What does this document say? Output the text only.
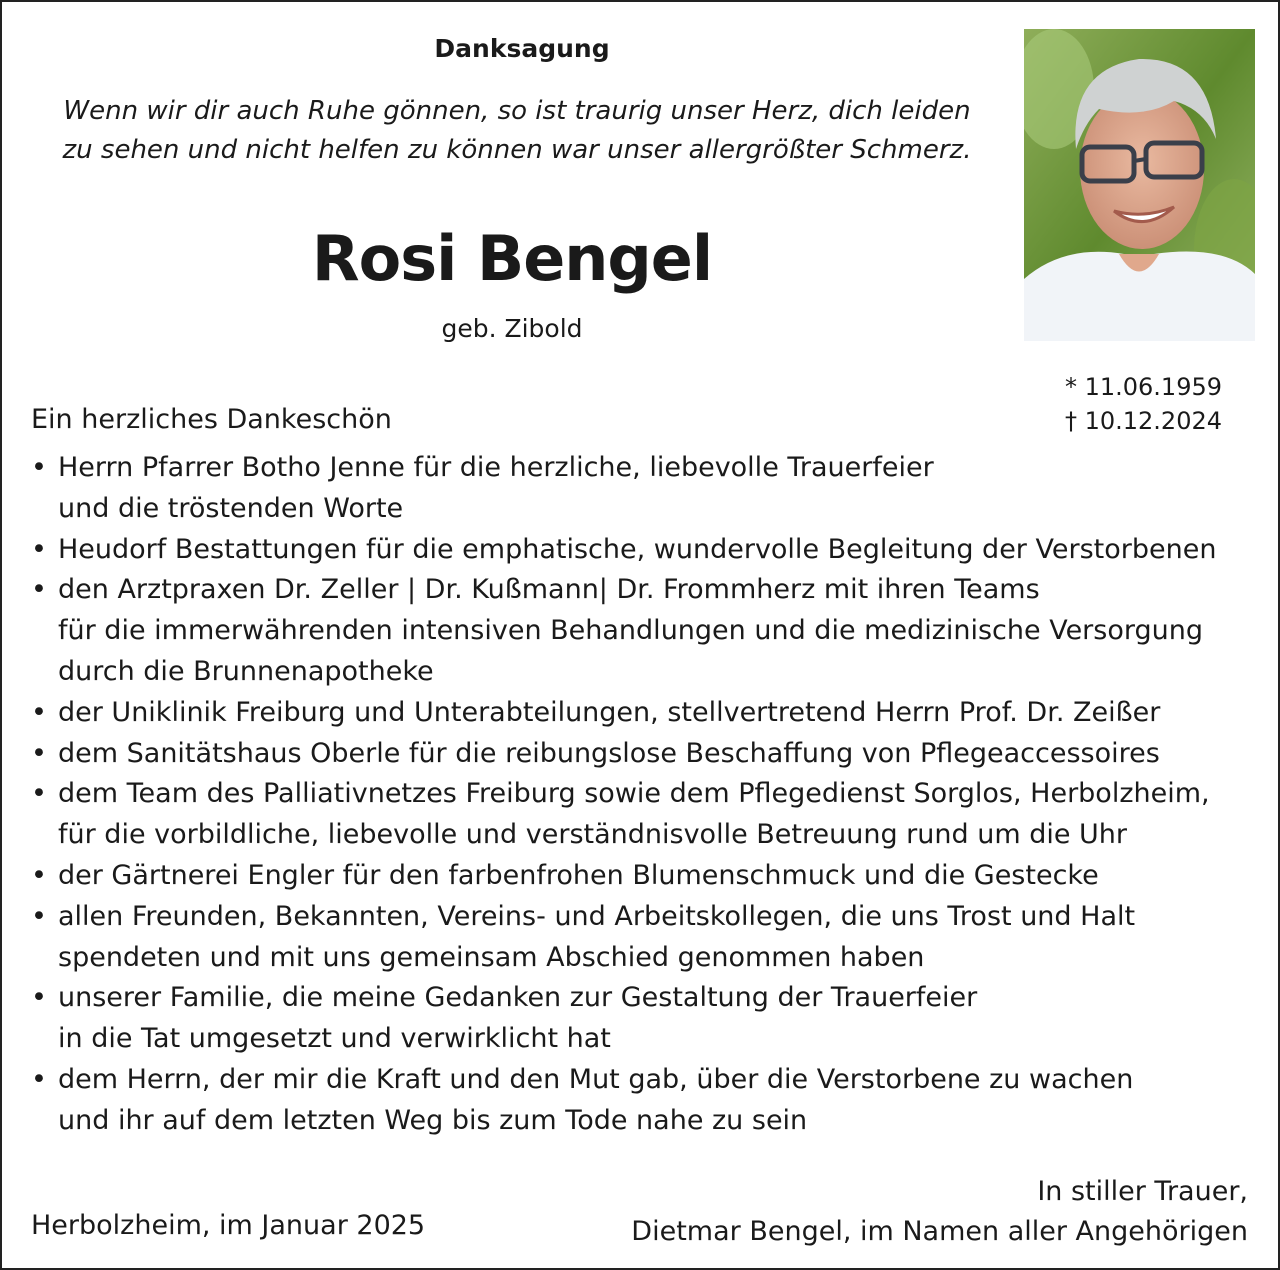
Danksagung
Wenn wir dir auch Ruhe gönnen, so ist traurig unser Herz, dich leiden
zu sehen und nicht helfen zu können war unser allergrößter Schmerz.
Rosi Bengel
geb. Zibold
* 11.06.1959
† 10.12.2024
Ein herzliches Dankeschön
• Herrn Pfarrer Botho Jenne für die herzliche, liebevolle Trauerfeier
und die tröstenden Worte
• Heudorf Bestattungen für die emphatische, wundervolle Begleitung der Verstorbenen
• den Arztpraxen Dr. Zeller | Dr. Kußmann| Dr. Frommherz mit ihren Teams
für die immerwährenden intensiven Behandlungen und die medizinische Versorgung
durch die Brunnenapotheke
• der Uniklinik Freiburg und Unterabteilungen, stellvertretend Herrn Prof. Dr. Zeißer
• dem Sanitätshaus Oberle für die reibungslose Beschaffung von Pflegeaccessoires
• dem Team des Palliativnetzes Freiburg sowie dem Pflegedienst Sorglos, Herbolzheim,
für die vorbildliche, liebevolle und verständnisvolle Betreuung rund um die Uhr
• der Gärtnerei Engler für den farbenfrohen Blumenschmuck und die Gestecke
• allen Freunden, Bekannten, Vereins- und Arbeitskollegen, die uns Trost und Halt
spendeten und mit uns gemeinsam Abschied genommen haben
• unserer Familie, die meine Gedanken zur Gestaltung der Trauerfeier
in die Tat umgesetzt und verwirklicht hat
• dem Herrn, der mir die Kraft und den Mut gab, über die Verstorbene zu wachen
und ihr auf dem letzten Weg bis zum Tode nahe zu sein
Herbolzheim, im Januar 2025
In stiller Trauer,
Dietmar Bengel, im Namen aller Angehörigen
